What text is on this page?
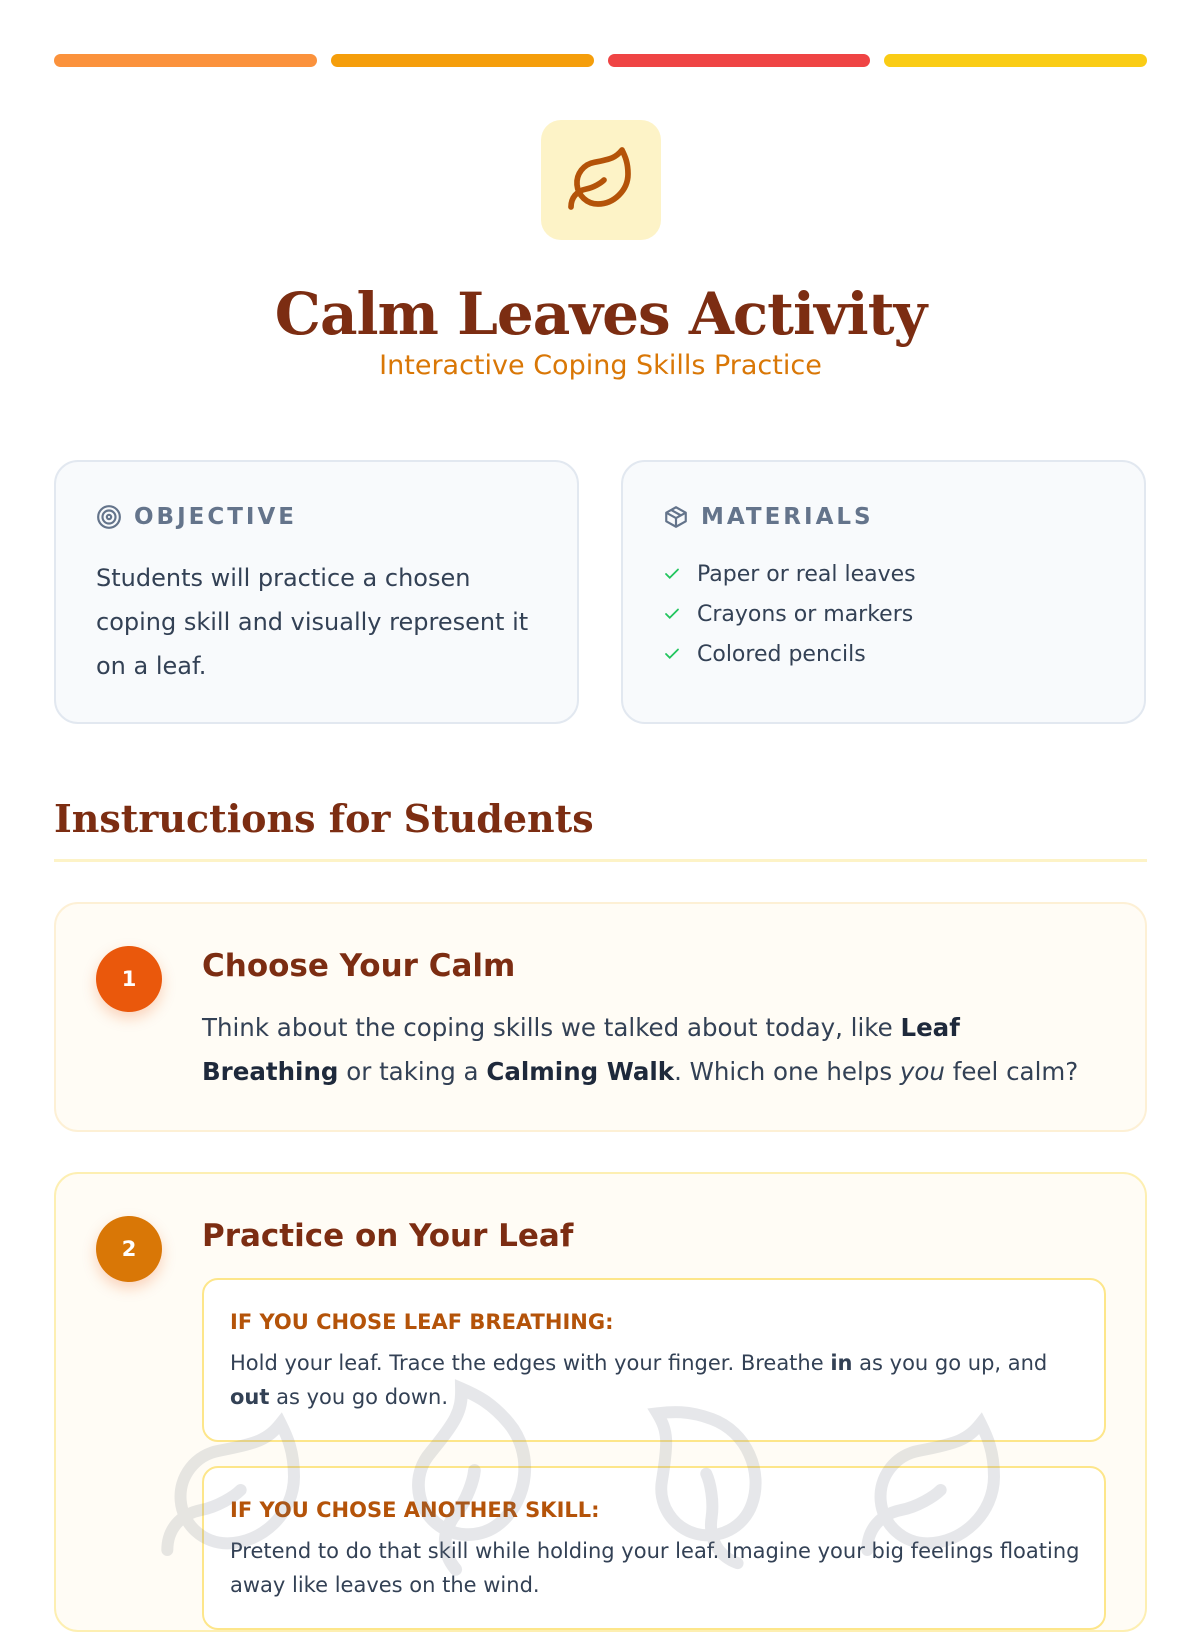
Calm Leaves Activity
Interactive Coping Skills Practice
OBJECTIVE
Students will practice a chosen coping skill and visually represent it on a leaf.
MATERIALS
Paper or real leaves
Crayons or markers
Colored pencils
Instructions for Students
1	Choose Your Calm
Think about the coping skills we talked about today, like Leaf Breathing or taking a Calming Walk. Which one helps you feel calm?
2	Practice on Your Leaf
IF YOU CHOSE LEAF BREATHING:
Hold your leaf. Trace the edges with your finger. Breathe in as you go up, and out as you go down.
IF YOU CHOSE ANOTHER SKILL:
Pretend to do that skill while holding your leaf. Imagine your big feelings floating away like leaves on the wind.
